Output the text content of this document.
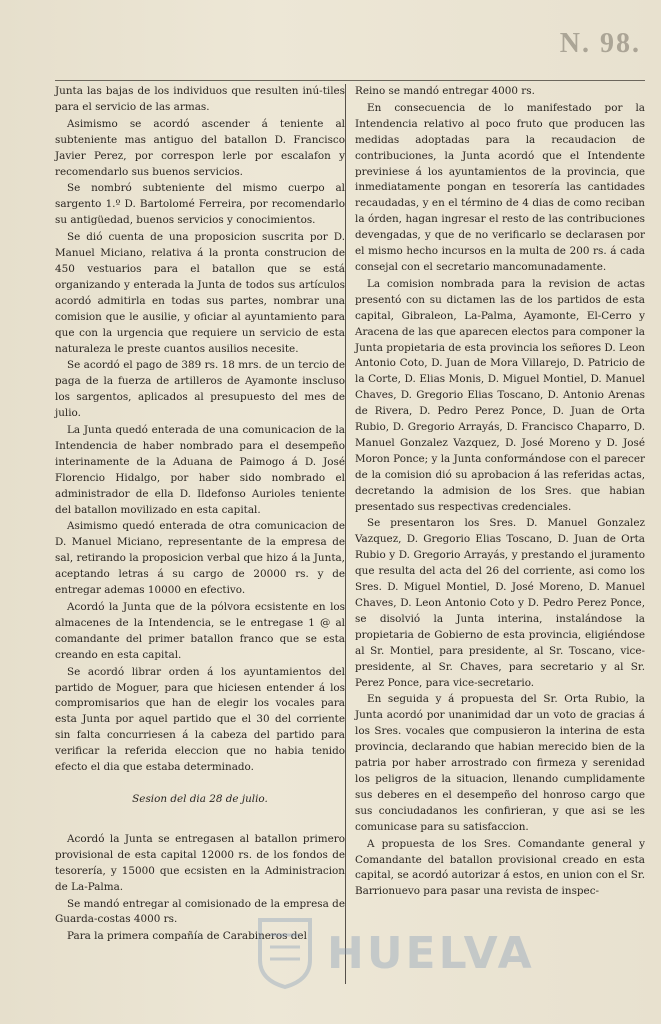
N. 98.

Junta las bajas de los individuos que resulten inú-tiles para el servicio de las armas.

Asimismo se acordó ascender á teniente al subteniente mas antiguo del batallon D. Francisco Javier Perez, por correspon lerle por escalafon y recomendarlo sus buenos servicios.

Se nombró subteniente del mismo cuerpo al sargento 1.º D. Bartolomé Ferreira, por recomendarlo su antigüedad, buenos servicios y conocimientos.

Se dió cuenta de una proposicion suscrita por D. Manuel Miciano, relativa á la pronta construcion de 450 vestuarios para el batallon que se está organizando y enterada la Junta de todos sus artículos acordó admitirla en todas sus partes, nombrar una comision que le ausilie, y oficiar al ayuntamiento para que con la urgencia que requiere un servicio de esta naturaleza le preste cuantos ausilios necesite.

Se acordó el pago de 389 rs. 18 mrs. de un tercio de paga de la fuerza de artilleros de Ayamonte inscluso los sargentos, aplicados al presupuesto del mes de julio.

La Junta quedó enterada de una comunicacion de la Intendencia de haber nombrado para el desempeño interinamente de la Aduana de Paimogo á D. José Florencio Hidalgo, por haber sido nombrado el administrador de ella D. Ildefonso Aurioles teniente del batallon movilizado en esta capital.

Asimismo quedó enterada de otra comunicacion de D. Manuel Miciano, representante de la empresa de sal, retirando la proposicion verbal que hizo á la Junta, aceptando letras á su cargo de 20000 rs. y de entregar ademas 10000 en efectivo.

Acordó la Junta que de la pólvora ecsistente en los almacenes de la Intendencia, se le entregase 1 @ al comandante del primer batallon franco que se esta creando en esta capital.

Se acordó librar orden á los ayuntamientos del partido de Moguer, para que hiciesen entender á los compromisarios que han de elegir los vocales para esta Junta por aquel partido que el 30 del corriente sin falta concurriesen á la cabeza del partido para verificar la referida eleccion que no habia tenido efecto el dia que estaba determinado.

Sesion del dia 28 de julio.

Acordó la Junta se entregasen al batallon primero provisional de esta capital 12000 rs. de los fondos de tesorería, y 15000 que ecsisten en la Administracion de La-Palma.

Se mandó entregar al comisionado de la empresa de Guarda-costas 4000 rs.

Para la primera compañía de Carabineros del

Reino se mandó entregar 4000 rs.

En consecuencia de lo manifestado por la Intendencia relativo al poco fruto que producen las medidas adoptadas para la recaudacion de contribuciones, la Junta acordó que el Intendente previniese á los ayuntamientos de la provincia, que inmediatamente pongan en tesorería las cantidades recaudadas, y en el término de 4 dias de como reciban la órden, hagan ingresar el resto de las contribuciones devengadas, y que de no verificarlo se declarasen por el mismo hecho incursos en la multa de 200 rs. á cada consejal con el secretario mancomunadamente.

La comision nombrada para la revision de actas presentó con su dictamen las de los partidos de esta capital, Gibraleon, La-Palma, Ayamonte, El-Cerro y Aracena de las que aparecen electos para componer la Junta propietaria de esta provincia los señores D. Leon Antonio Coto, D. Juan de Mora Villarejo, D. Patricio de la Corte, D. Elias Monis, D. Miguel Montiel, D. Manuel Chaves, D. Gregorio Elias Toscano, D. Antonio Arenas de Rivera, D. Pedro Perez Ponce, D. Juan de Orta Rubio, D. Gregorio Arrayás, D. Francisco Chaparro, D. Manuel Gonzalez Vazquez, D. José Moreno y D. José Moron Ponce; y la Junta conformándose con el parecer de la comision dió su aprobacion á las referidas actas, decretando la admision de los Sres. que habian presentado sus respectivas credenciales.

Se presentaron los Sres. D. Manuel Gonzalez Vazquez, D. Gregorio Elias Toscano, D. Juan de Orta Rubio y D. Gregorio Arrayás, y prestando el juramento que resulta del acta del 26 del corriente, asi como los Sres. D. Miguel Montiel, D. José Moreno, D. Manuel Chaves, D. Leon Antonio Coto y D. Pedro Perez Ponce, se disolvió la Junta interina, instalándose la propietaria de Gobierno de esta provincia, eligiéndose al Sr. Montiel, para presidente, al Sr. Toscano, vice-presidente, al Sr. Chaves, para secretario y al Sr. Perez Ponce, para vice-secretario.

En seguida y á propuesta del Sr. Orta Rubio, la Junta acordó por unanimidad dar un voto de gracias á los Sres. vocales que compusieron la interina de esta provincia, declarando que habian merecido bien de la patria por haber arrostrado con firmeza y serenidad los peligros de la situacion, llenando cumplidamente sus deberes en el desempeño del honroso cargo que sus conciudadanos les confirieran, y que asi se les comunicase para su satisfaccion.

A propuesta de los Sres. Comandante general y Comandante del batallon provisional creado en esta capital, se acordó autorizar á estos, en union con el Sr. Barrionuevo para pasar una revista de inspec-

HUELVA
